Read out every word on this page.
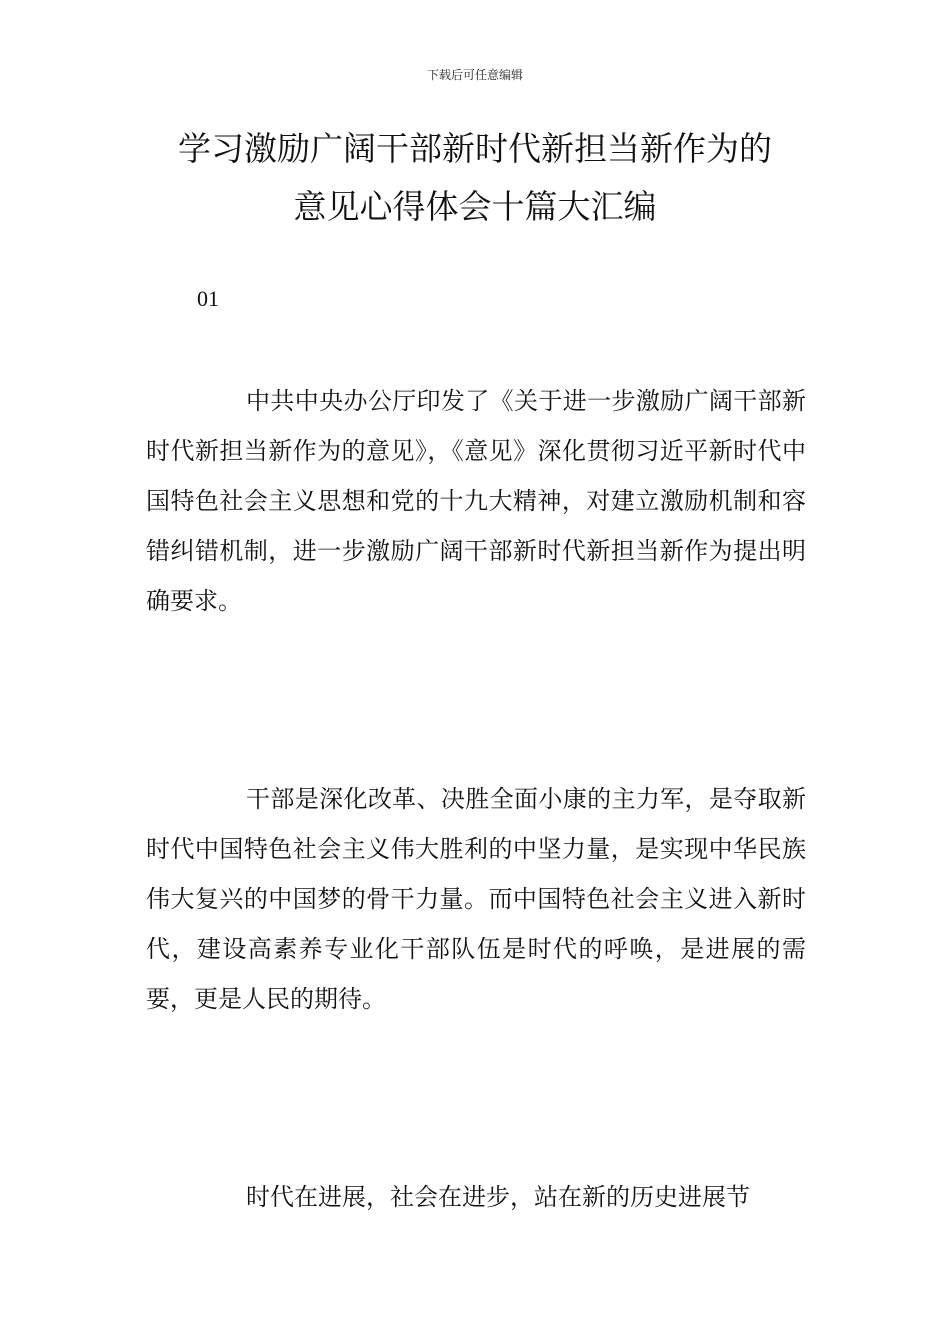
下载后可任意编辑
学习激励广阔干部新时代新担当新作为的
意见心得体会十篇大汇编
01

中共中央办公厅印发了《关于进一步激励广阔干部新时代新担当新作为的意见》，《意见》深化贯彻习近平新时代中国特色社会主义思想和党的十九大精神，对建立激励机制和容错纠错机制，进一步激励广阔干部新时代新担当新作为提出明确要求。

干部是深化改革、决胜全面小康的主力军，是夺取新时代中国特色社会主义伟大胜利的中坚力量，是实现中华民族伟大复兴的中国梦的骨干力量。而中国特色社会主义进入新时代，建设高素养专业化干部队伍是时代的呼唤，是进展的需要，更是人民的期待。

时代在进展，社会在进步，站在新的历史进展节
